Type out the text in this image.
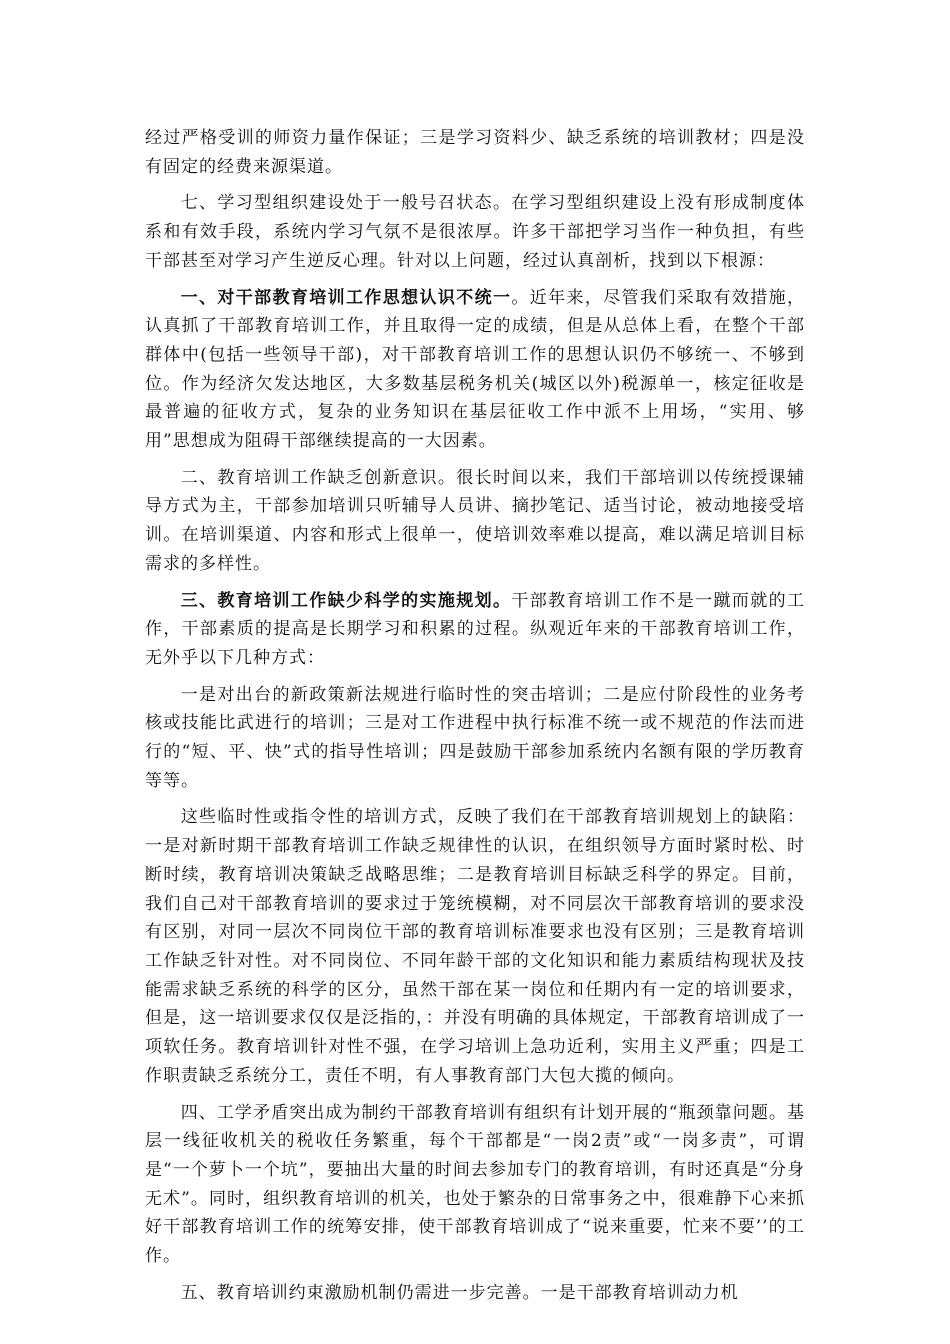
经过严格受训的师资力量作保证；三是学习资料少、缺乏系统的培训教材；四是没有固定的经费来源渠道。

七、学习型组织建设处于一般号召状态。在学习型组织建设上没有形成制度体系和有效手段，系统内学习气氛不是很浓厚。许多干部把学习当作一种负担，有些干部甚至对学习产生逆反心理。针对以上问题，经过认真剖析，找到以下根源：

一、对干部教育培训工作思想认识不统一。近年来，尽管我们采取有效措施，认真抓了干部教育培训工作，并且取得一定的成绩，但是从总体上看，在整个干部群体中(包括一些领导干部)，对干部教育培训工作的思想认识仍不够统一、不够到位。作为经济欠发达地区，大多数基层税务机关(城区以外)税源单一，核定征收是最普遍的征收方式，复杂的业务知识在基层征收工作中派不上用场，“实用、够用”思想成为阻碍干部继续提高的一大因素。

二、教育培训工作缺乏创新意识。很长时间以来，我们干部培训以传统授课辅导方式为主，干部参加培训只听辅导人员讲、摘抄笔记、适当讨论，被动地接受培训。在培训渠道、内容和形式上很单一，使培训效率难以提高，难以满足培训目标需求的多样性。

三、教育培训工作缺少科学的实施规划。干部教育培训工作不是一蹴而就的工作，干部素质的提高是长期学习和积累的过程。纵观近年来的干部教育培训工作，无外乎以下几种方式：

一是对出台的新政策新法规进行临时性的突击培训；二是应付阶段性的业务考核或技能比武进行的培训；三是对工作进程中执行标准不统一或不规范的作法而进行的“短、平、快”式的指导性培训；四是鼓励干部参加系统内名额有限的学历教育等等。

这些临时性或指令性的培训方式，反映了我们在干部教育培训规划上的缺陷：一是对新时期干部教育培训工作缺乏规律性的认识，在组织领导方面时紧时松、时断时续，教育培训决策缺乏战略思维；二是教育培训目标缺乏科学的界定。目前，我们自己对干部教育培训的要求过于笼统模糊，对不同层次干部教育培训的要求没有区别，对同一层次不同岗位干部的教育培训标准要求也没有区别；三是教育培训工作缺乏针对性。对不同岗位、不同年龄干部的文化知识和能力素质结构现状及技能需求缺乏系统的科学的区分，虽然干部在某一岗位和任期内有一定的培训要求，但是，这一培训要求仅仅是泛指的，：并没有明确的具体规定，干部教育培训成了一项软任务。教育培训针对性不强，在学习培训上急功近利，实用主义严重；四是工作职责缺乏系统分工，责任不明，有人事教育部门大包大揽的倾向。

四、工学矛盾突出成为制约干部教育培训有组织有计划开展的“瓶颈靠问题。基层一线征收机关的税收任务繁重，每个干部都是“一岗2责”或“一岗多责”，可谓是“一个萝卜一个坑”，要抽出大量的时间去参加专门的教育培训，有时还真是“分身无术”。同时，组织教育培训的机关，也处于繁杂的日常事务之中，很难静下心来抓好干部教育培训工作的统筹安排，使干部教育培训成了“说来重要，忙来不要’’的工作。

五、教育培训约束激励机制仍需进一步完善。一是干部教育培训动力机
